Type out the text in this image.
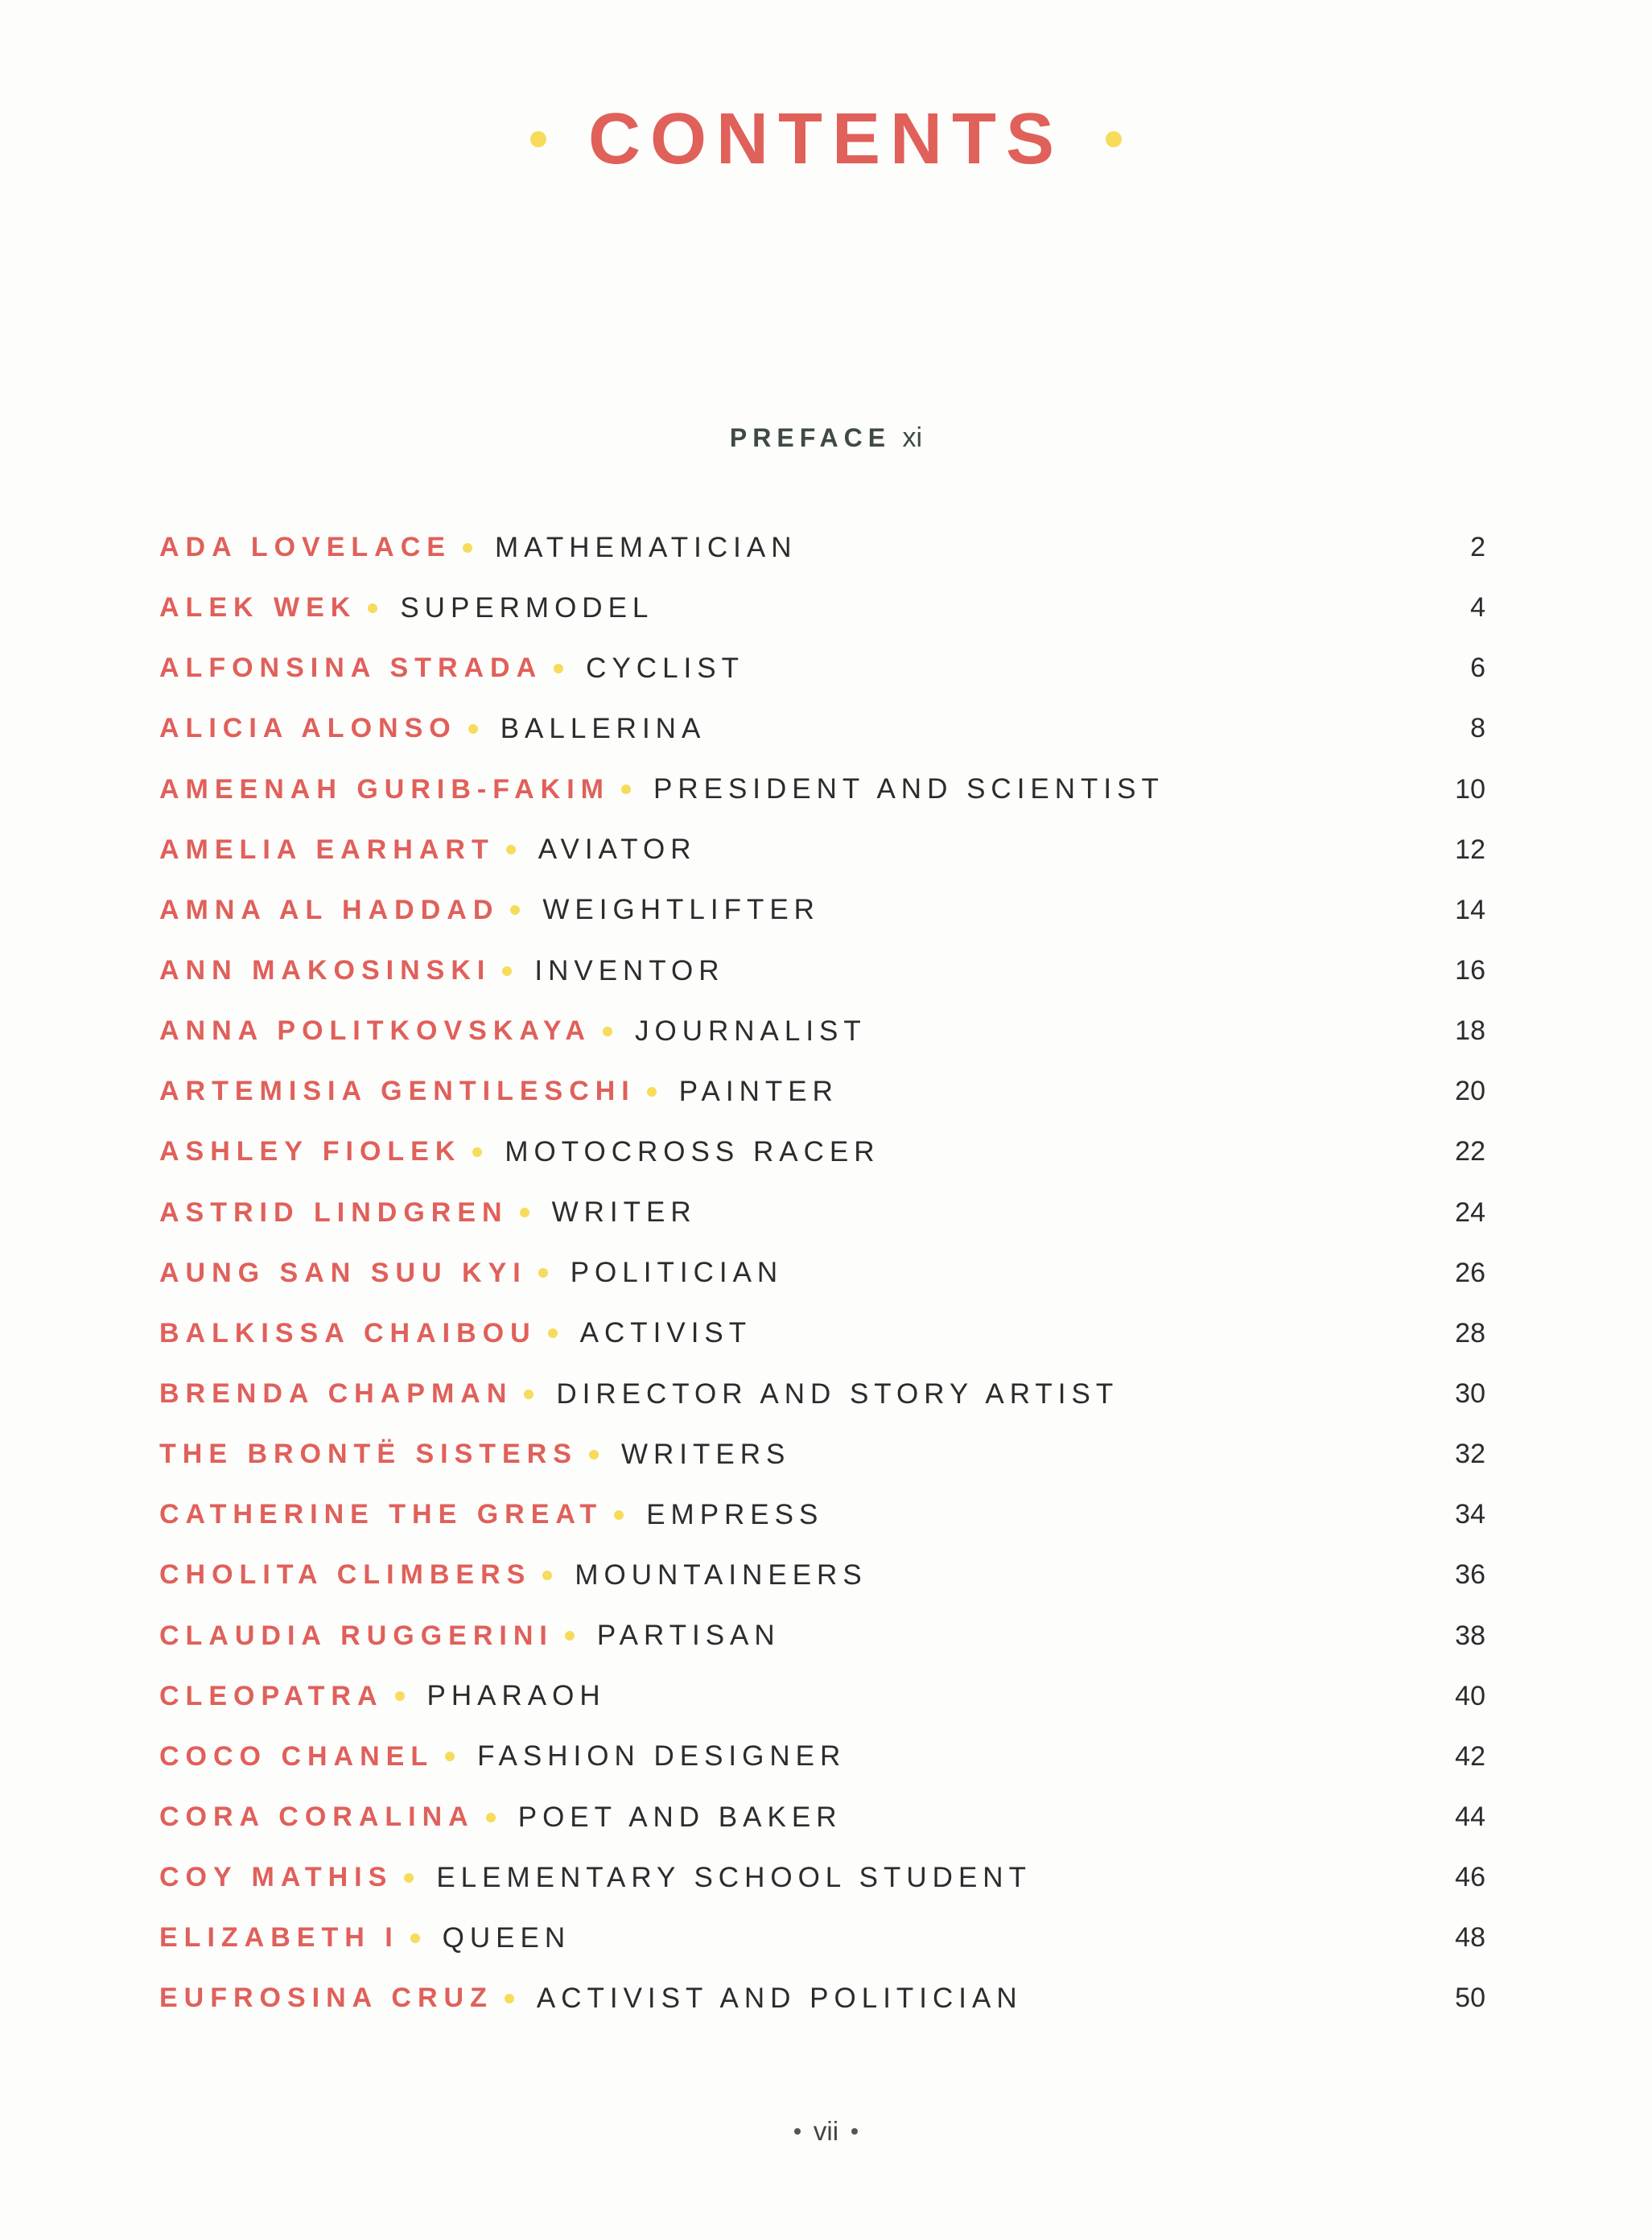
CONTENTS
PREFACE xi
ADA LOVELACE MATHEMATICIAN	2
ALEK WEK SUPERMODEL	4
ALFONSINA STRADA CYCLIST	6
ALICIA ALONSO BALLERINA	8
AMEENAH GURIB-FAKIM PRESIDENT AND SCIENTIST	10
AMELIA EARHART AVIATOR	12
AMNA AL HADDAD WEIGHTLIFTER	14
ANN MAKOSINSKI INVENTOR	16
ANNA POLITKOVSKAYA JOURNALIST	18
ARTEMISIA GENTILESCHI PAINTER	20
ASHLEY FIOLEK MOTOCROSS RACER	22
ASTRID LINDGREN WRITER	24
AUNG SAN SUU KYI POLITICIAN	26
BALKISSA CHAIBOU ACTIVIST	28
BRENDA CHAPMAN DIRECTOR AND STORY ARTIST	30
THE BRONTË SISTERS WRITERS	32
CATHERINE THE GREAT EMPRESS	34
CHOLITA CLIMBERS MOUNTAINEERS	36
CLAUDIA RUGGERINI PARTISAN	38
CLEOPATRA PHARAOH	40
COCO CHANEL FASHION DESIGNER	42
CORA CORALINA POET AND BAKER	44
COY MATHIS ELEMENTARY SCHOOL STUDENT	46
ELIZABETH I QUEEN	48
EUFROSINA CRUZ ACTIVIST AND POLITICIAN	50
vii
